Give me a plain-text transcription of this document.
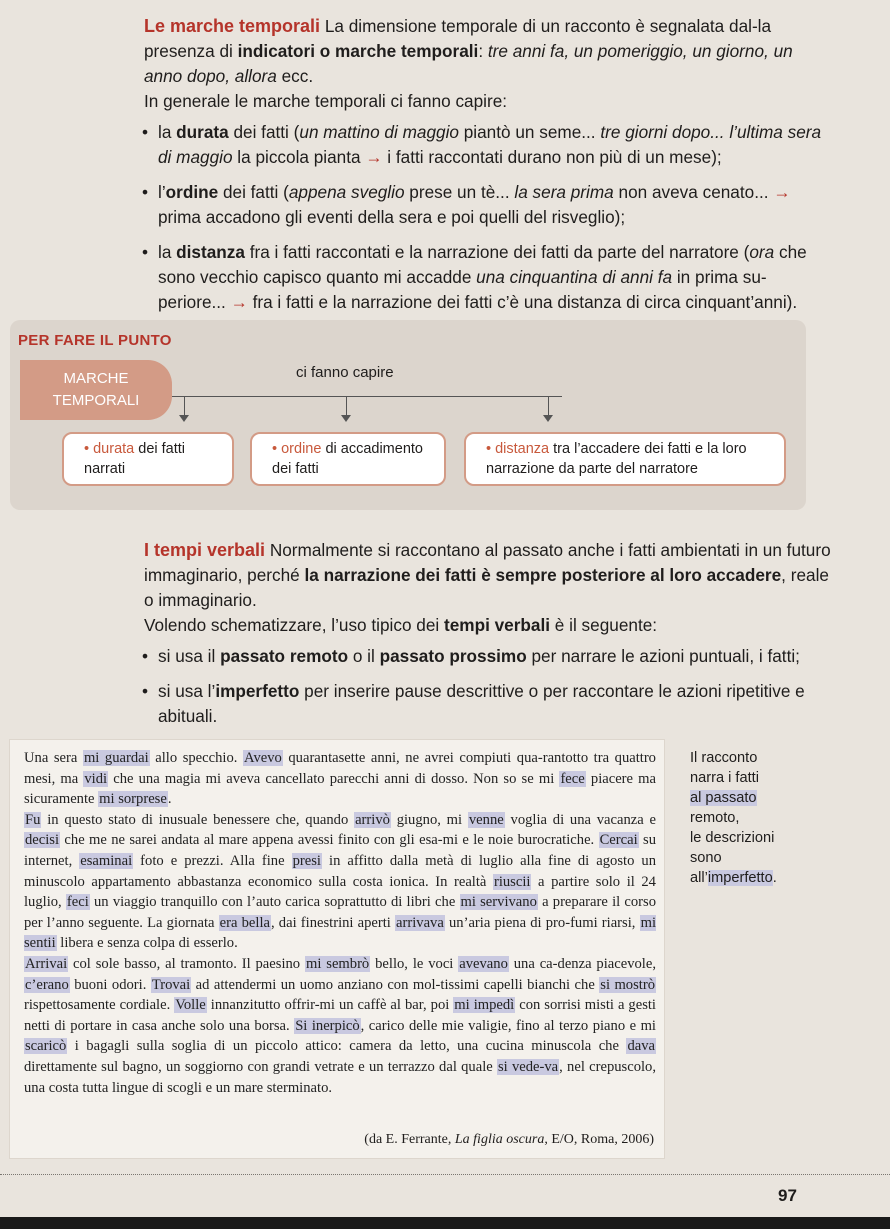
Le marche temporali La dimensione temporale di un racconto è segnalata dal-la presenza di indicatori o marche temporali: tre anni fa, un pomeriggio, un giorno, un anno dopo, allora ecc.

In generale le marche temporali ci fanno capire:

• la durata dei fatti (un mattino di maggio piantò un seme... tre giorni dopo... l’ultima sera di maggio la piccola pianta → i fatti raccontati durano non più di un mese);
• l’ordine dei fatti (appena sveglio prese un tè... la sera prima non aveva cenato... → prima accadono gli eventi della sera e poi quelli del risveglio);
• la distanza fra i fatti raccontati e la narrazione dei fatti da parte del narratore (ora che sono vecchio capisco quanto mi accadde una cinquantina di anni fa in prima su-periore... → fra i fatti e la narrazione dei fatti c’è una distanza di circa cinquant’anni).
PER FARE IL PUNTO
MARCHE
TEMPORALI
ci fanno capire
• durata dei fatti
narrati
• ordine di accadimento
dei fatti
• distanza tra l’accadere dei fatti e la loro
narrazione da parte del narratore

I tempi verbali Normalmente si raccontano al passato anche i fatti ambientati in un futuro immaginario, perché la narrazione dei fatti è sempre posteriore al loro accadere, reale o immaginario.

Volendo schematizzare, l’uso tipico dei tempi verbali è il seguente:

• si usa il passato remoto o il passato prossimo per narrare le azioni puntuali, i fatti;
• si usa l’imperfetto per inserire pause descrittive o per raccontare le azioni ripetitive e abituali.
Una sera mi guardai allo specchio. Avevo quarantasette anni, ne avrei compiuti qua-rantotto tra quattro mesi, ma vidi che una magia mi aveva cancellato parecchi anni di dosso. Non so se mi fece piacere ma sicuramente mi sorprese.
Fu in questo stato di inusuale benessere che, quando arrivò giugno, mi venne voglia di una vacanza e decisi che me ne sarei andata al mare appena avessi finito con gli esa-mi e le noie burocratiche. Cercai su internet, esaminai foto e prezzi. Alla fine presi in affitto dalla metà di luglio alla fine di agosto un minuscolo appartamento abbastanza economico sulla costa ionica. In realtà riuscii a partire solo il 24 luglio, feci un viaggio tranquillo con l’auto carica soprattutto di libri che mi servivano a preparare il corso per l’anno seguente. La giornata era bella, dai finestrini aperti arrivava un’aria piena di pro-fumi riarsi, mi sentii libera e senza colpa di esserlo.
Arrivai col sole basso, al tramonto. Il paesino mi sembrò bello, le voci avevano una ca-denza piacevole, c’erano buoni odori. Trovai ad attendermi un uomo anziano con mol-tissimi capelli bianchi che si mostrò rispettosamente cordiale. Volle innanzitutto offrir-mi un caffè al bar, poi mi impedì con sorrisi misti a gesti netti di portare in casa anche solo una borsa. Si inerpicò, carico delle mie valigie, fino al terzo piano e mi scaricò i bagagli sulla soglia di un piccolo attico: camera da letto, una cucina minuscola che dava direttamente sul bagno, un soggiorno con grandi vetrate e un terrazzo dal quale si vede-va, nel crepuscolo, una costa tutta lingue di scogli e un mare sterminato.
(da E. Ferrante, La figlia oscura, E/O, Roma, 2006)
Il racconto
narra i fatti
al passato
remoto,
le descrizioni
sono
all’imperfetto.
97
